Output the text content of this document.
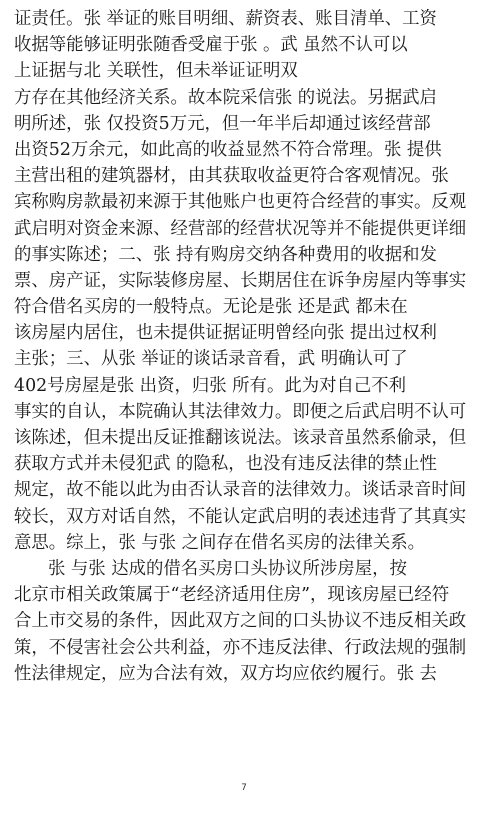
证责任。张 举证的账目明细、薪资表、账目清单、工资
收据等能够证明张随香受雇于张 。武 虽然不认可以
上证据与北 关联性，但未举证证明双
方存在其他经济关系。故本院采信张 的说法。另据武启
明所述，张 仅投资5万元，但一年半后却通过该经营部
出资52万余元，如此高的收益显然不符合常理。张 提供
主营出租的建筑器材，由其获取收益更符合客观情况。张
宾称购房款最初来源于其他账户也更符合经营的事实。反观
武启明对资金来源、经营部的经营状况等并不能提供更详细
的事实陈述；二、张 持有购房交纳各种费用的收据和发
票、房产证，实际装修房屋、长期居住在诉争房屋内等事实
符合借名买房的一般特点。无论是张 还是武 都未在
该房屋内居住，也未提供证据证明曾经向张 提出过权利
主张；三、从张 举证的谈话录音看，武 明确认可了
402号房屋是张 出资，归张 所有。此为对自己不利
事实的自认，本院确认其法律效力。即便之后武启明不认可
该陈述，但未提出反证推翻该说法。该录音虽然系偷录，但
获取方式并未侵犯武 的隐私，也没有违反法律的禁止性
规定，故不能以此为由否认录音的法律效力。谈话录音时间
较长，双方对话自然，不能认定武启明的表述违背了其真实
意思。综上，张 与张 之间存在借名买房的法律关系。
张 与张 达成的借名买房口头协议所涉房屋，按
北京市相关政策属于“老经济适用住房”，现该房屋已经符
合上市交易的条件，因此双方之间的口头协议不违反相关政
策，不侵害社会公共利益，亦不违反法律、行政法规的强制
性法律规定，应为合法有效，双方均应依约履行。张 去
7
